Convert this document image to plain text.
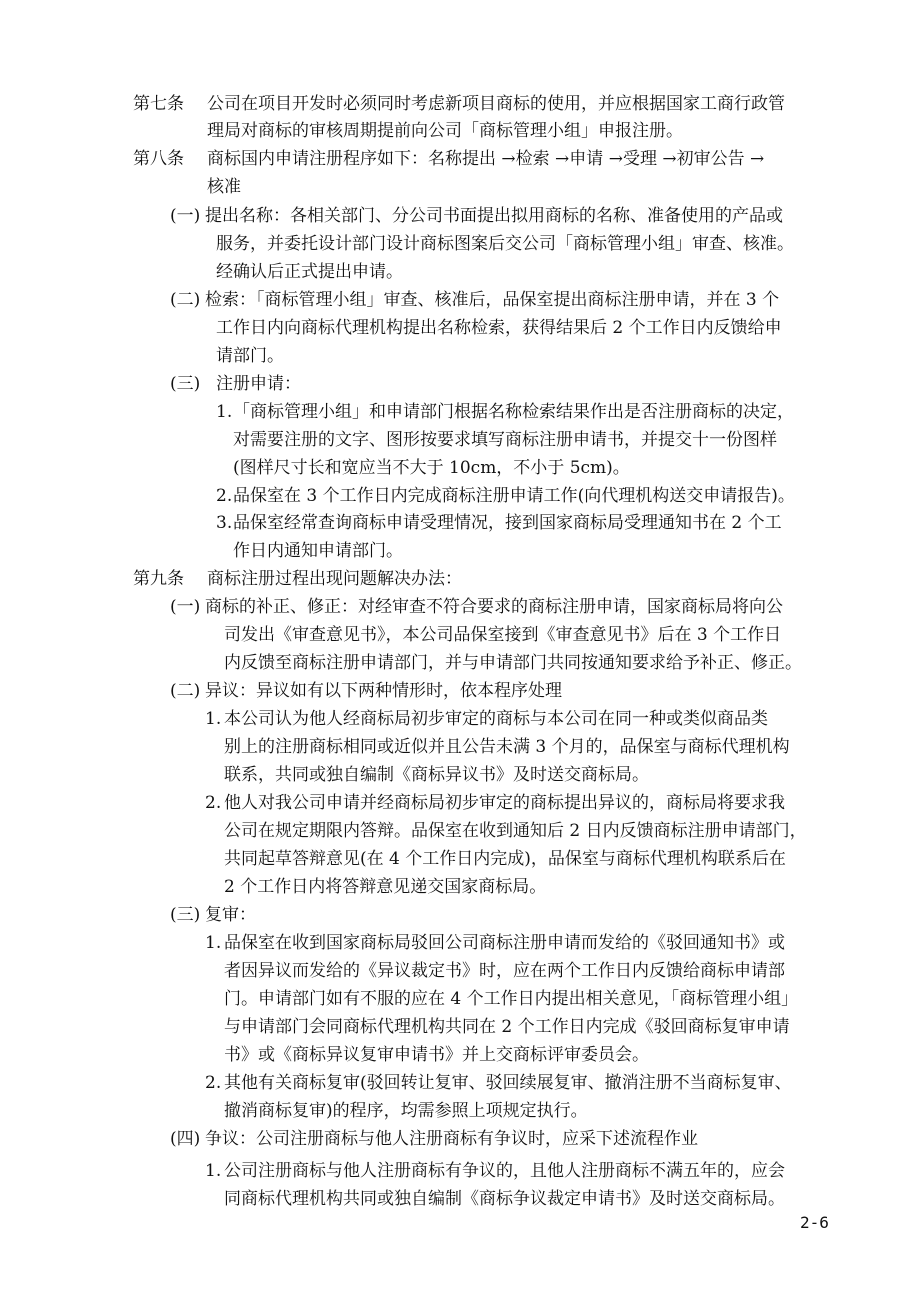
第七条 公司在项目开发时必须同时考虑新项目商标的使用，并应根据国家工商行政管
理局对商标的审核周期提前向公司「商标管理小组」申报注册。
第八条 商标国内申请注册程序如下：名称提出 →检索 →申请 →受理 →初审公告 →
核准
(一) 提出名称：各相关部门、分公司书面提出拟用商标的名称、准备使用的产品或
服务，并委托设计部门设计商标图案后交公司「商标管理小组」审查、核准。
经确认后正式提出申请。
(二) 检索：「商标管理小组」审查、核准后，品保室提出商标注册申请，并在 3 个
工作日内向商标代理机构提出名称检索，获得结果后 2 个工作日内反馈给申
请部门。
(三) 注册申请：
1. 「商标管理小组」和申请部门根据名称检索结果作出是否注册商标的决定，
对需要注册的文字、图形按要求填写商标注册申请书，并提交十一份图样
(图样尺寸长和宽应当不大于 10cm，不小于 5cm)。
2. 品保室在 3 个工作日内完成商标注册申请工作(向代理机构送交申请报告)。
3. 品保室经常查询商标申请受理情况，接到国家商标局受理通知书在 2 个工
作日内通知申请部门。
第九条 商标注册过程出现问题解决办法：
(一) 商标的补正、修正：对经审查不符合要求的商标注册申请，国家商标局将向公
司发出《审查意见书》，本公司品保室接到《审查意见书》后在 3 个工作日
内反馈至商标注册申请部门，并与申请部门共同按通知要求给予补正、修正。
(二) 异议：异议如有以下两种情形时，依本程序处理
1. 本公司认为他人经商标局初步审定的商标与本公司在同一种或类似商品类
别上的注册商标相同或近似并且公告未满 3 个月的，品保室与商标代理机构
联系，共同或独自编制《商标异议书》及时送交商标局。
2. 他人对我公司申请并经商标局初步审定的商标提出异议的，商标局将要求我
公司在规定期限内答辩。品保室在收到通知后 2 日内反馈商标注册申请部门，
共同起草答辩意见(在 4 个工作日内完成)，品保室与商标代理机构联系后在
2 个工作日内将答辩意见递交国家商标局。
(三) 复审：
1. 品保室在收到国家商标局驳回公司商标注册申请而发给的《驳回通知书》或
者因异议而发给的《异议裁定书》时，应在两个工作日内反馈给商标申请部
门。申请部门如有不服的应在 4 个工作日内提出相关意见，「商标管理小组」
与申请部门会同商标代理机构共同在 2 个工作日内完成《驳回商标复审申请
书》或《商标异议复审申请书》并上交商标评审委员会。
2. 其他有关商标复审(驳回转让复审、驳回续展复审、撤消注册不当商标复审、
撤消商标复审)的程序，均需参照上项规定执行。
(四) 争议：公司注册商标与他人注册商标有争议时，应采下述流程作业
1. 公司注册商标与他人注册商标有争议的，且他人注册商标不满五年的，应会
同商标代理机构共同或独自编制《商标争议裁定申请书》及时送交商标局。
2-6
